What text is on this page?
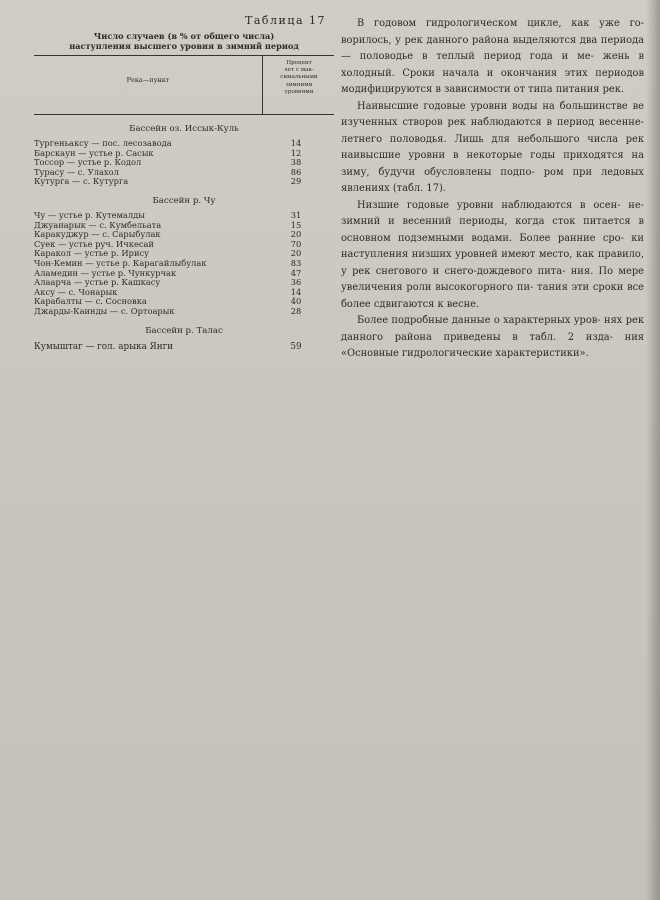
Таблица 17
Число случаев (в % от общего числа)
наступления высшего уровня в зимний период
Река—пункт
Процент
лет с мак-
симальными
зимними
уровнями
Бассейн оз. Иссык-Куль
Тургеньаксу — пос. лесозавода	14
Барскаун — устье р. Сасык	12
Тоссор — устье р. Кодол	38
Турасу — с. Улахол	86
Кутурга — с. Кутурга	29
Бассейн р. Чу
Чу — устье р. Кутемалды	31
Джуанарык — с. Кумбельата	15
Каракуджур — с. Сарыбулак	20
Суек — устье руч. Ичкесай	70
Каракол — устье р. Ирису	20
Чон-Кемин — устье р. Карагайлыбулак	83
Аламедин — устье р. Чункурчак	47
Алаарча — устье р. Кашкасу	36
Аксу — с. Чонарык	14
Карабалты — с. Сосновка	40
Джарды-Каинды — с. Ортоарык	28
Бассейн р. Талас
Кумыштаг — гол. арыка Янги	59

В годовом гидрологическом цикле, как уже го- ворилось, у рек данного района выделяются два периода — половодье в теплый период года и ме- жень в холодный. Сроки начала и окончания этих периодов модифицируются в зависимости от типа питания рек.

Наивысшие годовые уровни воды на большинстве ве изученных створов рек наблюдаются в период весенне-летнего половодья. Лишь для небольшого числа рек наивысшие уровни в некоторые годы приходятся на зиму, будучи обусловлены подпо- ром при ледовых явлениях (табл. 17).

Низшие годовые уровни наблюдаются в осен- не-зимний и весенний периоды, когда сток питается в основном подземными водами. Более ранние сро- ки наступления низших уровней имеют место, как правило, у рек снегового и снего-дождевого пита- ния. По мере увеличения роли высокогорного пи- тания эти сроки все более сдвигаются к весне.

Более подробные данные о характерных уров- нях рек данного района приведены в табл. 2 изда- ния «Основные гидрологические характеристики».
